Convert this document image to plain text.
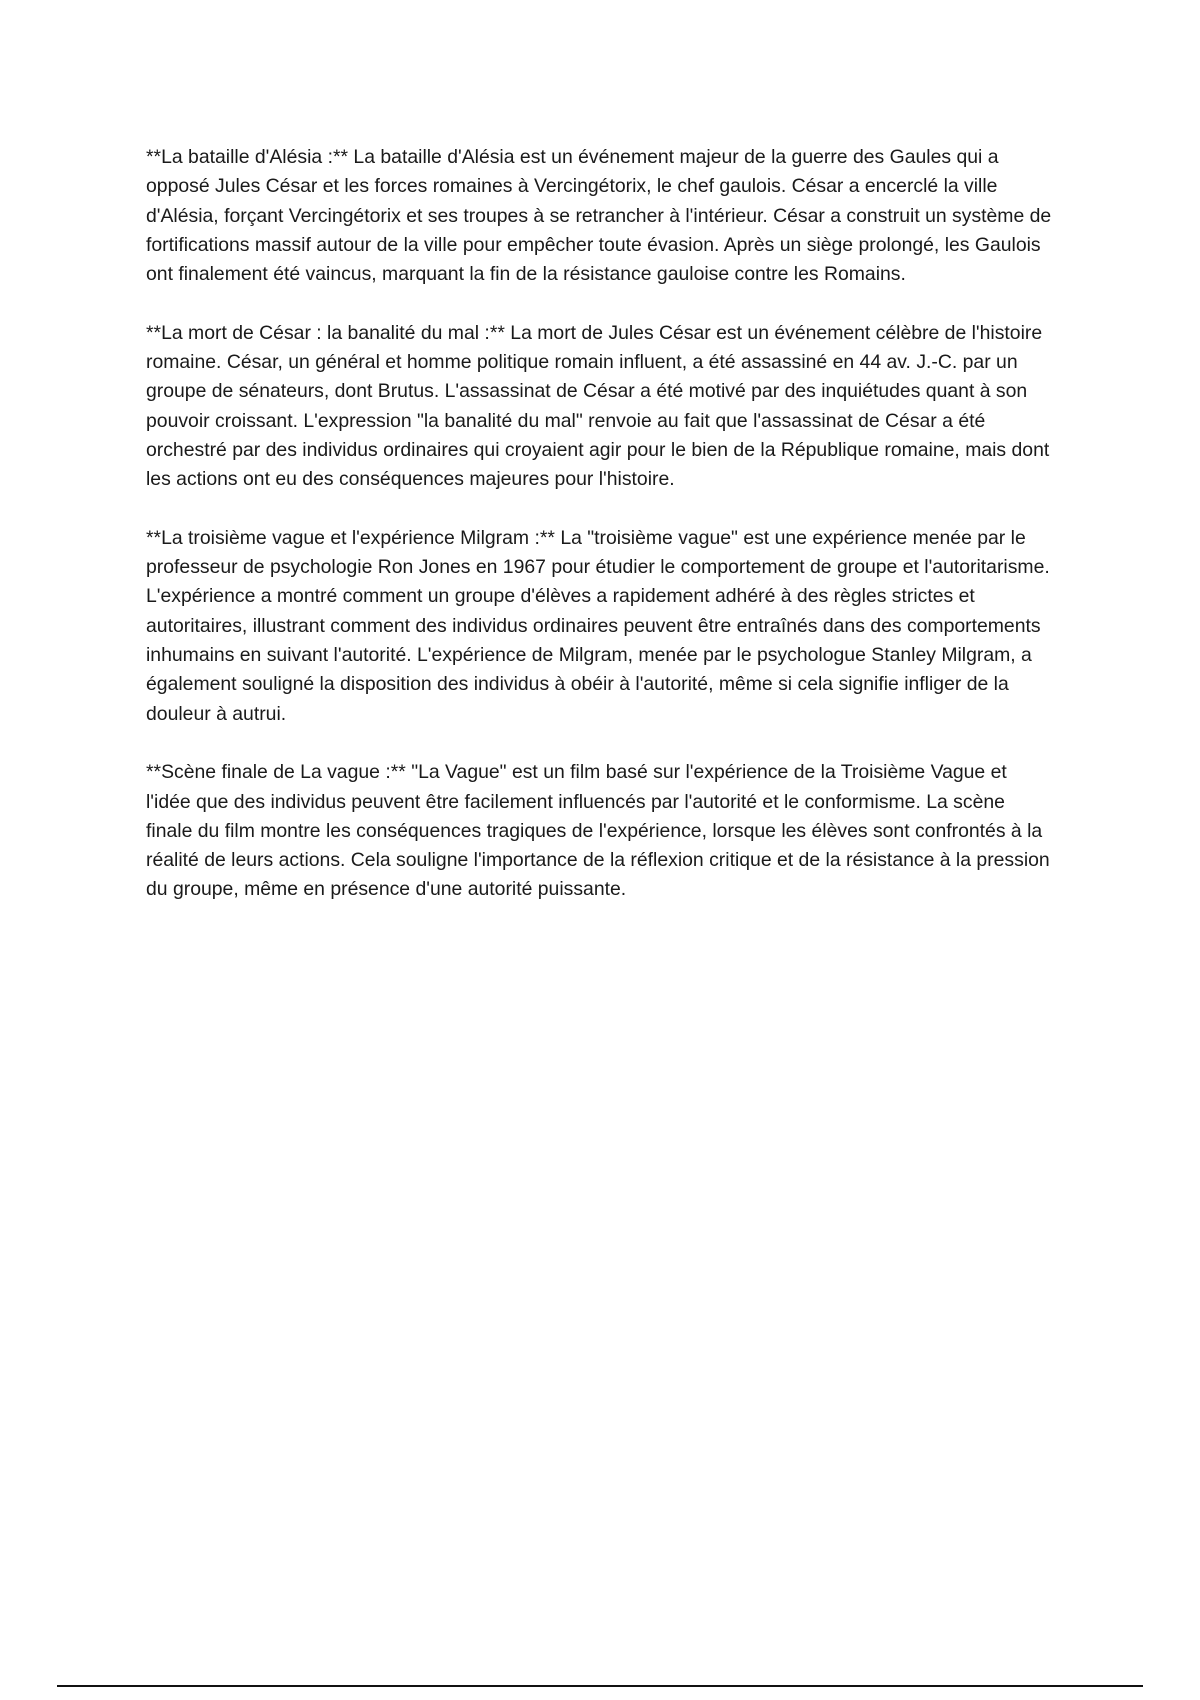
**La bataille d'Alésia :** La bataille d'Alésia est un événement majeur de la guerre des Gaules qui a opposé Jules César et les forces romaines à Vercingétorix, le chef gaulois. César a encerclé la ville d'Alésia, forçant Vercingétorix et ses troupes à se retrancher à l'intérieur. César a construit un système de fortifications massif autour de la ville pour empêcher toute évasion. Après un siège prolongé, les Gaulois ont finalement été vaincus, marquant la fin de la résistance gauloise contre les Romains.

**La mort de César : la banalité du mal :** La mort de Jules César est un événement célèbre de l'histoire romaine. César, un général et homme politique romain influent, a été assassiné en 44 av. J.-C. par un groupe de sénateurs, dont Brutus. L'assassinat de César a été motivé par des inquiétudes quant à son pouvoir croissant. L'expression "la banalité du mal" renvoie au fait que l'assassinat de César a été orchestré par des individus ordinaires qui croyaient agir pour le bien de la République romaine, mais dont les actions ont eu des conséquences majeures pour l'histoire.

**La troisième vague et l'expérience Milgram :** La "troisième vague" est une expérience menée par le professeur de psychologie Ron Jones en 1967 pour étudier le comportement de groupe et l'autoritarisme. L'expérience a montré comment un groupe d'élèves a rapidement adhéré à des règles strictes et autoritaires, illustrant comment des individus ordinaires peuvent être entraînés dans des comportements inhumains en suivant l'autorité. L'expérience de Milgram, menée par le psychologue Stanley Milgram, a également souligné la disposition des individus à obéir à l'autorité, même si cela signifie infliger de la douleur à autrui.

**Scène finale de La vague :** "La Vague" est un film basé sur l'expérience de la Troisième Vague et l'idée que des individus peuvent être facilement influencés par l'autorité et le conformisme. La scène finale du film montre les conséquences tragiques de l'expérience, lorsque les élèves sont confrontés à la réalité de leurs actions. Cela souligne l'importance de la réflexion critique et de la résistance à la pression du groupe, même en présence d'une autorité puissante.
